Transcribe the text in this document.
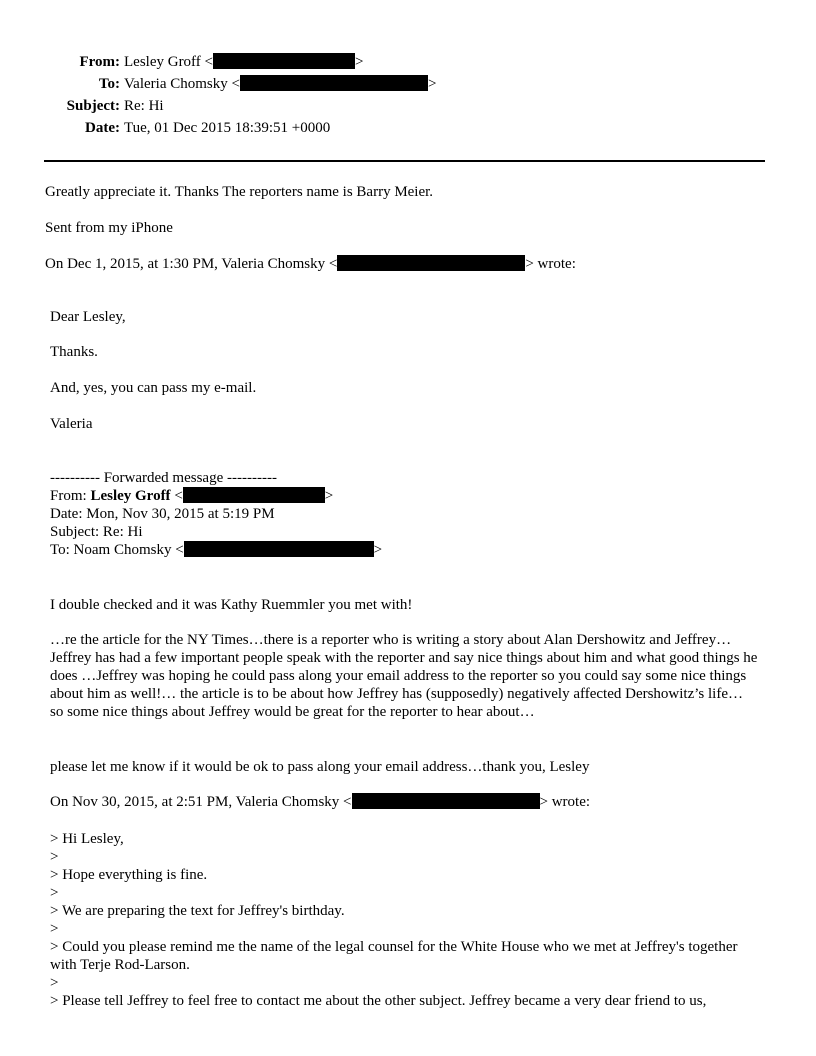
From: Lesley Groff <	>
To: Valeria Chomsky <	>
Subject: Re: Hi
Date: Tue, 01 Dec 2015 18:39:51 +0000
Greatly appreciate it. Thanks The reporters name is Barry Meier.
Sent from my iPhone
On Dec 1, 2015, at 1:30 PM, Valeria Chomsky <	> wrote:
Dear Lesley,
Thanks.
And, yes, you can pass my e-mail.
Valeria
---------- Forwarded message ----------
From: Lesley Groff <	>
Date: Mon, Nov 30, 2015 at 5:19 PM
Subject: Re: Hi
To: Noam Chomsky <	>
I double checked and it was Kathy Ruemmler you met with!
…re the article for the NY Times…there is a reporter who is writing a story about Alan Dershowitz and Jeffrey…Jeffrey has had a few important people speak with the reporter and say nice things about him and what good things he does …Jeffrey was hoping he could pass along your email address to the reporter so you could say some nice things about him as well!… the article is to be about how Jeffrey has (supposedly) negatively affected Dershowitz’s life… so some nice things about Jeffrey would be great for the reporter to hear about…
please let me know if it would be ok to pass along your email address…thank you, Lesley
On Nov 30, 2015, at 2:51 PM, Valeria Chomsky <	> wrote:
> Hi Lesley,
>
> Hope everything is fine.
>
> We are preparing the text for Jeffrey's birthday.
>
> Could you please remind me the name of the legal counsel for the White House who we met at Jeffrey's together with Terje Rod-Larson.
>
> Please tell Jeffrey to feel free to contact me about the other subject. Jeffrey became a very dear friend to us,
